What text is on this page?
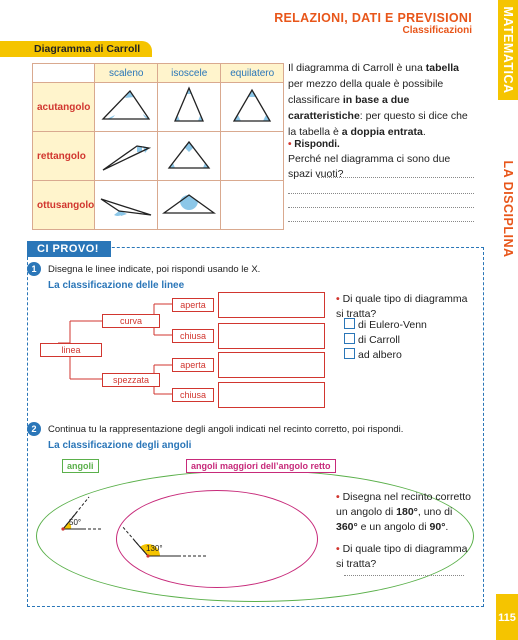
RELAZIONI, DATI E PREVISIONI
Classificazioni MATEMATICA
LA DISCIPLINA
Diagramma di Carroll
	scaleno	isoscele	equilatero
acutangolo			
rettangolo			
ottusangolo			
Il diagramma di Carroll è una tabella per mezzo della quale è possibile classificare in base a due caratteristiche: per questo si dice che la tabella è a doppia entrata.
• Rispondi.
Perché nel diagramma ci sono due spazi vuoti?
CI PROVO!
1	Disegna le linee indicate, poi rispondi usando le X.
La classificazione delle linee
linea
curva
spezzata
aperta
chiusa
aperta
chiusa
• Di quale tipo di diagramma si tratta?
di Eulero-Venn
di Carroll
ad albero
2	Continua tu la rappresentazione degli angoli indicati nel recinto corretto, poi rispondi.
La classificazione degli angoli
angoli	angoli maggiori dell’angolo retto
50°
130°
• Disegna nel recinto corretto un angolo di 180°, uno di 360° e un angolo di 90°.
• Di quale tipo di diagramma si tratta?
115
